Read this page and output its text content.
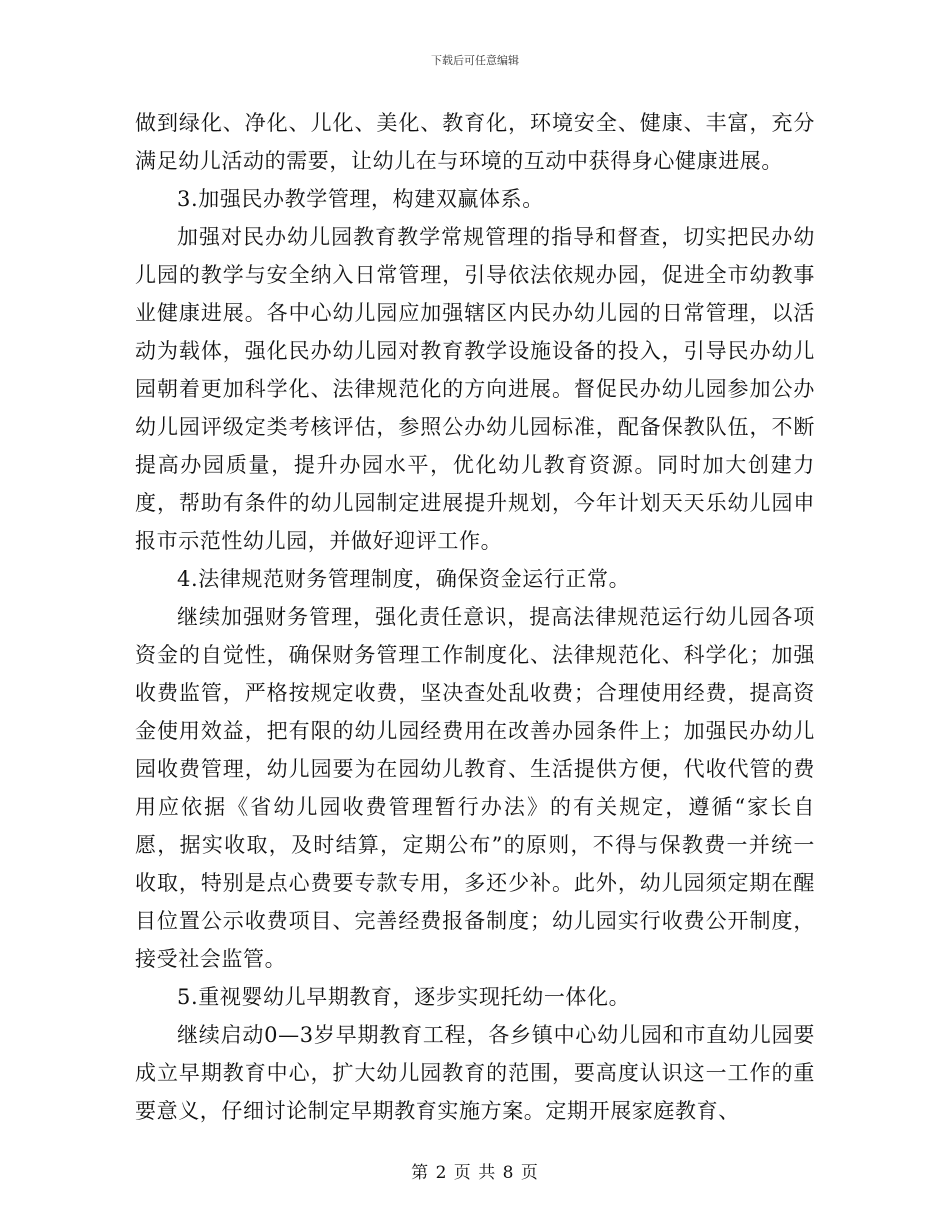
下载后可任意编辑

做到绿化、净化、儿化、美化、教育化，环境安全、健康、丰富，充分满足幼儿活动的需要，让幼儿在与环境的互动中获得身心健康进展。

3.加强民办教学管理，构建双赢体系。

加强对民办幼儿园教育教学常规管理的指导和督查，切实把民办幼儿园的教学与安全纳入日常管理，引导依法依规办园，促进全市幼教事业健康进展。各中心幼儿园应加强辖区内民办幼儿园的日常管理，以活动为载体，强化民办幼儿园对教育教学设施设备的投入，引导民办幼儿园朝着更加科学化、法律规范化的方向进展。督促民办幼儿园参加公办幼儿园评级定类考核评估，参照公办幼儿园标准，配备保教队伍，不断提高办园质量，提升办园水平，优化幼儿教育资源。同时加大创建力度，帮助有条件的幼儿园制定进展提升规划，今年计划天天乐幼儿园申报市示范性幼儿园，并做好迎评工作。

4.法律规范财务管理制度，确保资金运行正常。

继续加强财务管理，强化责任意识，提高法律规范运行幼儿园各项资金的自觉性，确保财务管理工作制度化、法律规范化、科学化；加强收费监管，严格按规定收费，坚决查处乱收费；合理使用经费，提高资金使用效益，把有限的幼儿园经费用在改善办园条件上；加强民办幼儿园收费管理，幼儿园要为在园幼儿教育、生活提供方便，代收代管的费用应依据《省幼儿园收费管理暂行办法》的有关规定，遵循“家长自愿，据实收取，及时结算，定期公布”的原则，不得与保教费一并统一收取，特别是点心费要专款专用，多还少补。此外，幼儿园须定期在醒目位置公示收费项目、完善经费报备制度；幼儿园实行收费公开制度，接受社会监管。

5.重视婴幼儿早期教育，逐步实现托幼一体化。

继续启动0—3岁早期教育工程，各乡镇中心幼儿园和市直幼儿园要成立早期教育中心，扩大幼儿园教育的范围，要高度认识这一工作的重要意义，仔细讨论制定早期教育实施方案。定期开展家庭教育、

第 2 页 共 8 页
